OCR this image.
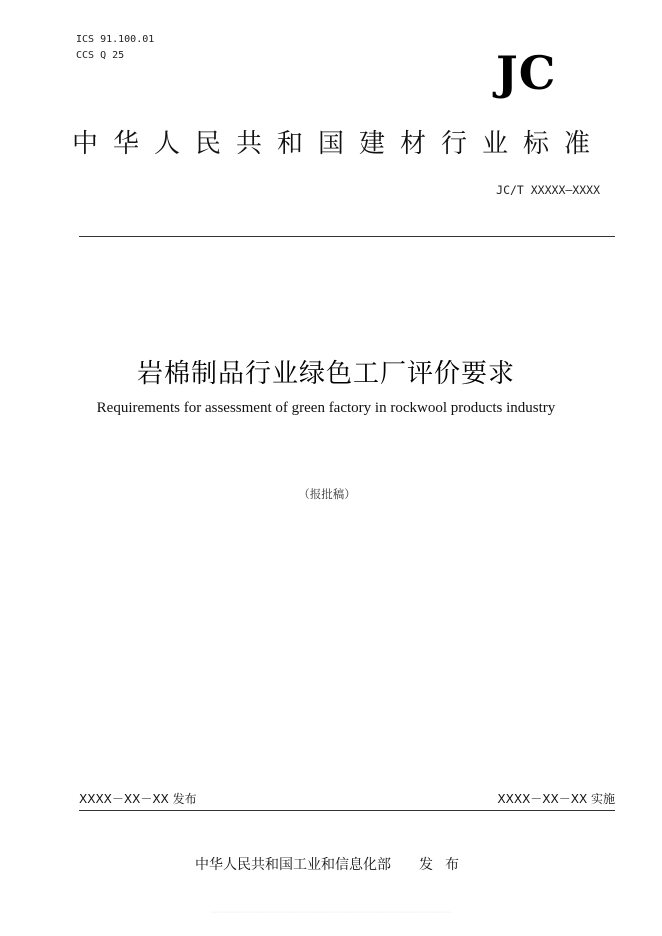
ICS 91.100.01
CCS Q 25	JC
中华人民共和国建材行业标准
JC/T XXXXX—XXXX
岩棉制品行业绿色工厂评价要求
Requirements for assessment of green factory in rockwool products industry
（报批稿）
XXXX－XX－XX 发布	XXXX－XX－XX 实施
中华人民共和国工业和信息化部 发布
——————————————————————
